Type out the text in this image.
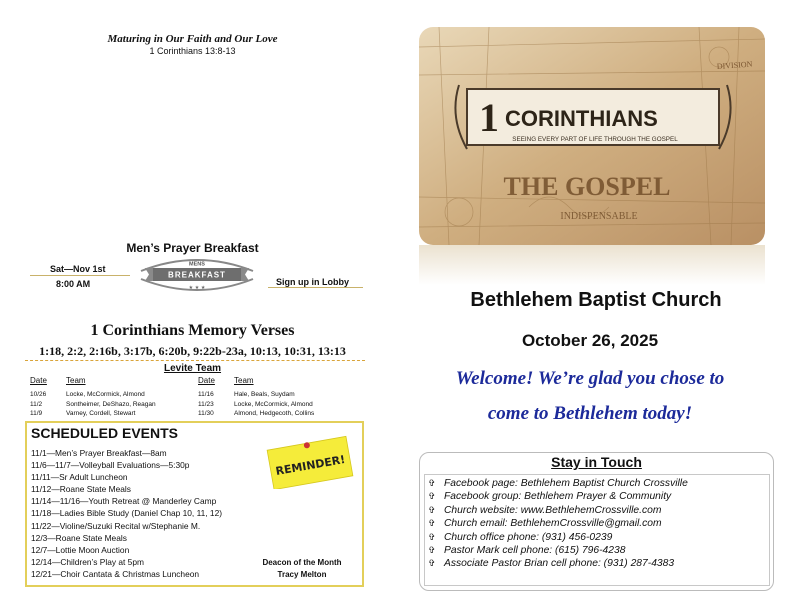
Maturing in Our Faith and Our Love
1 Corinthians 13:8-13
Men’s Prayer Breakfast
Sat—Nov 1st
8:00 AM	Sign up in Lobby
MENS
BREAKFAST
★ ★ ★
1 Corinthians Memory Verses
1:18, 2:2, 2:16b, 3:17b, 6:20b, 9:22b-23a, 10:13, 10:31, 13:13
Levite Team
Date Team	Date Team
10/26	Locke, McCormick, Almond
11/2	Sontheimer, DeShazo, Reagan
11/9	Varney, Cordell, Stewart
11/16	Hale, Beals, Suydam
11/23	Locke, McCormick, Almond
11/30	Almond, Hedgecoth, Collins
SCHEDULED EVENTS
11/1—Men’s Prayer Breakfast—8am
11/6—11/7—Volleyball Evaluations—5:30p
11/11—Sr Adult Luncheon
11/12—Roane State Meals
11/14—11/16—Youth Retreat @ Manderley Camp
11/18—Ladies Bible Study (Daniel Chap 10, 11, 12)
11/22—Violine/Suzuki Recital w/Stephanie M.
12/3—Roane State Meals
12/7—Lottie Moon Auction
12/14—Children’s Play at 5pm
12/21—Choir Cantata & Christmas Luncheon
REMINDER!
Deacon of the Month
Tracy Melton
DIVISION
1 CORINTHIANS
SEEING EVERY PART OF LIFE THROUGH THE GOSPEL
THE GOSPEL
INDISPENSABLE
Bethlehem Baptist Church
October 26, 2025
Welcome! We’re glad you chose to
come to Bethlehem today!
Stay in Touch
✞ Facebook page: Bethlehem Baptist Church Crossville
✞ Facebook group: Bethlehem Prayer & Community
✞ Church website: www.BethlehemCrossville.com
✞ Church email: BethlehemCrossville@gmail.com
✞ Church office phone: (931) 456-0239
✞ Pastor Mark cell phone: (615) 796-4238
✞ Associate Pastor Brian cell phone: (931) 287-4383
